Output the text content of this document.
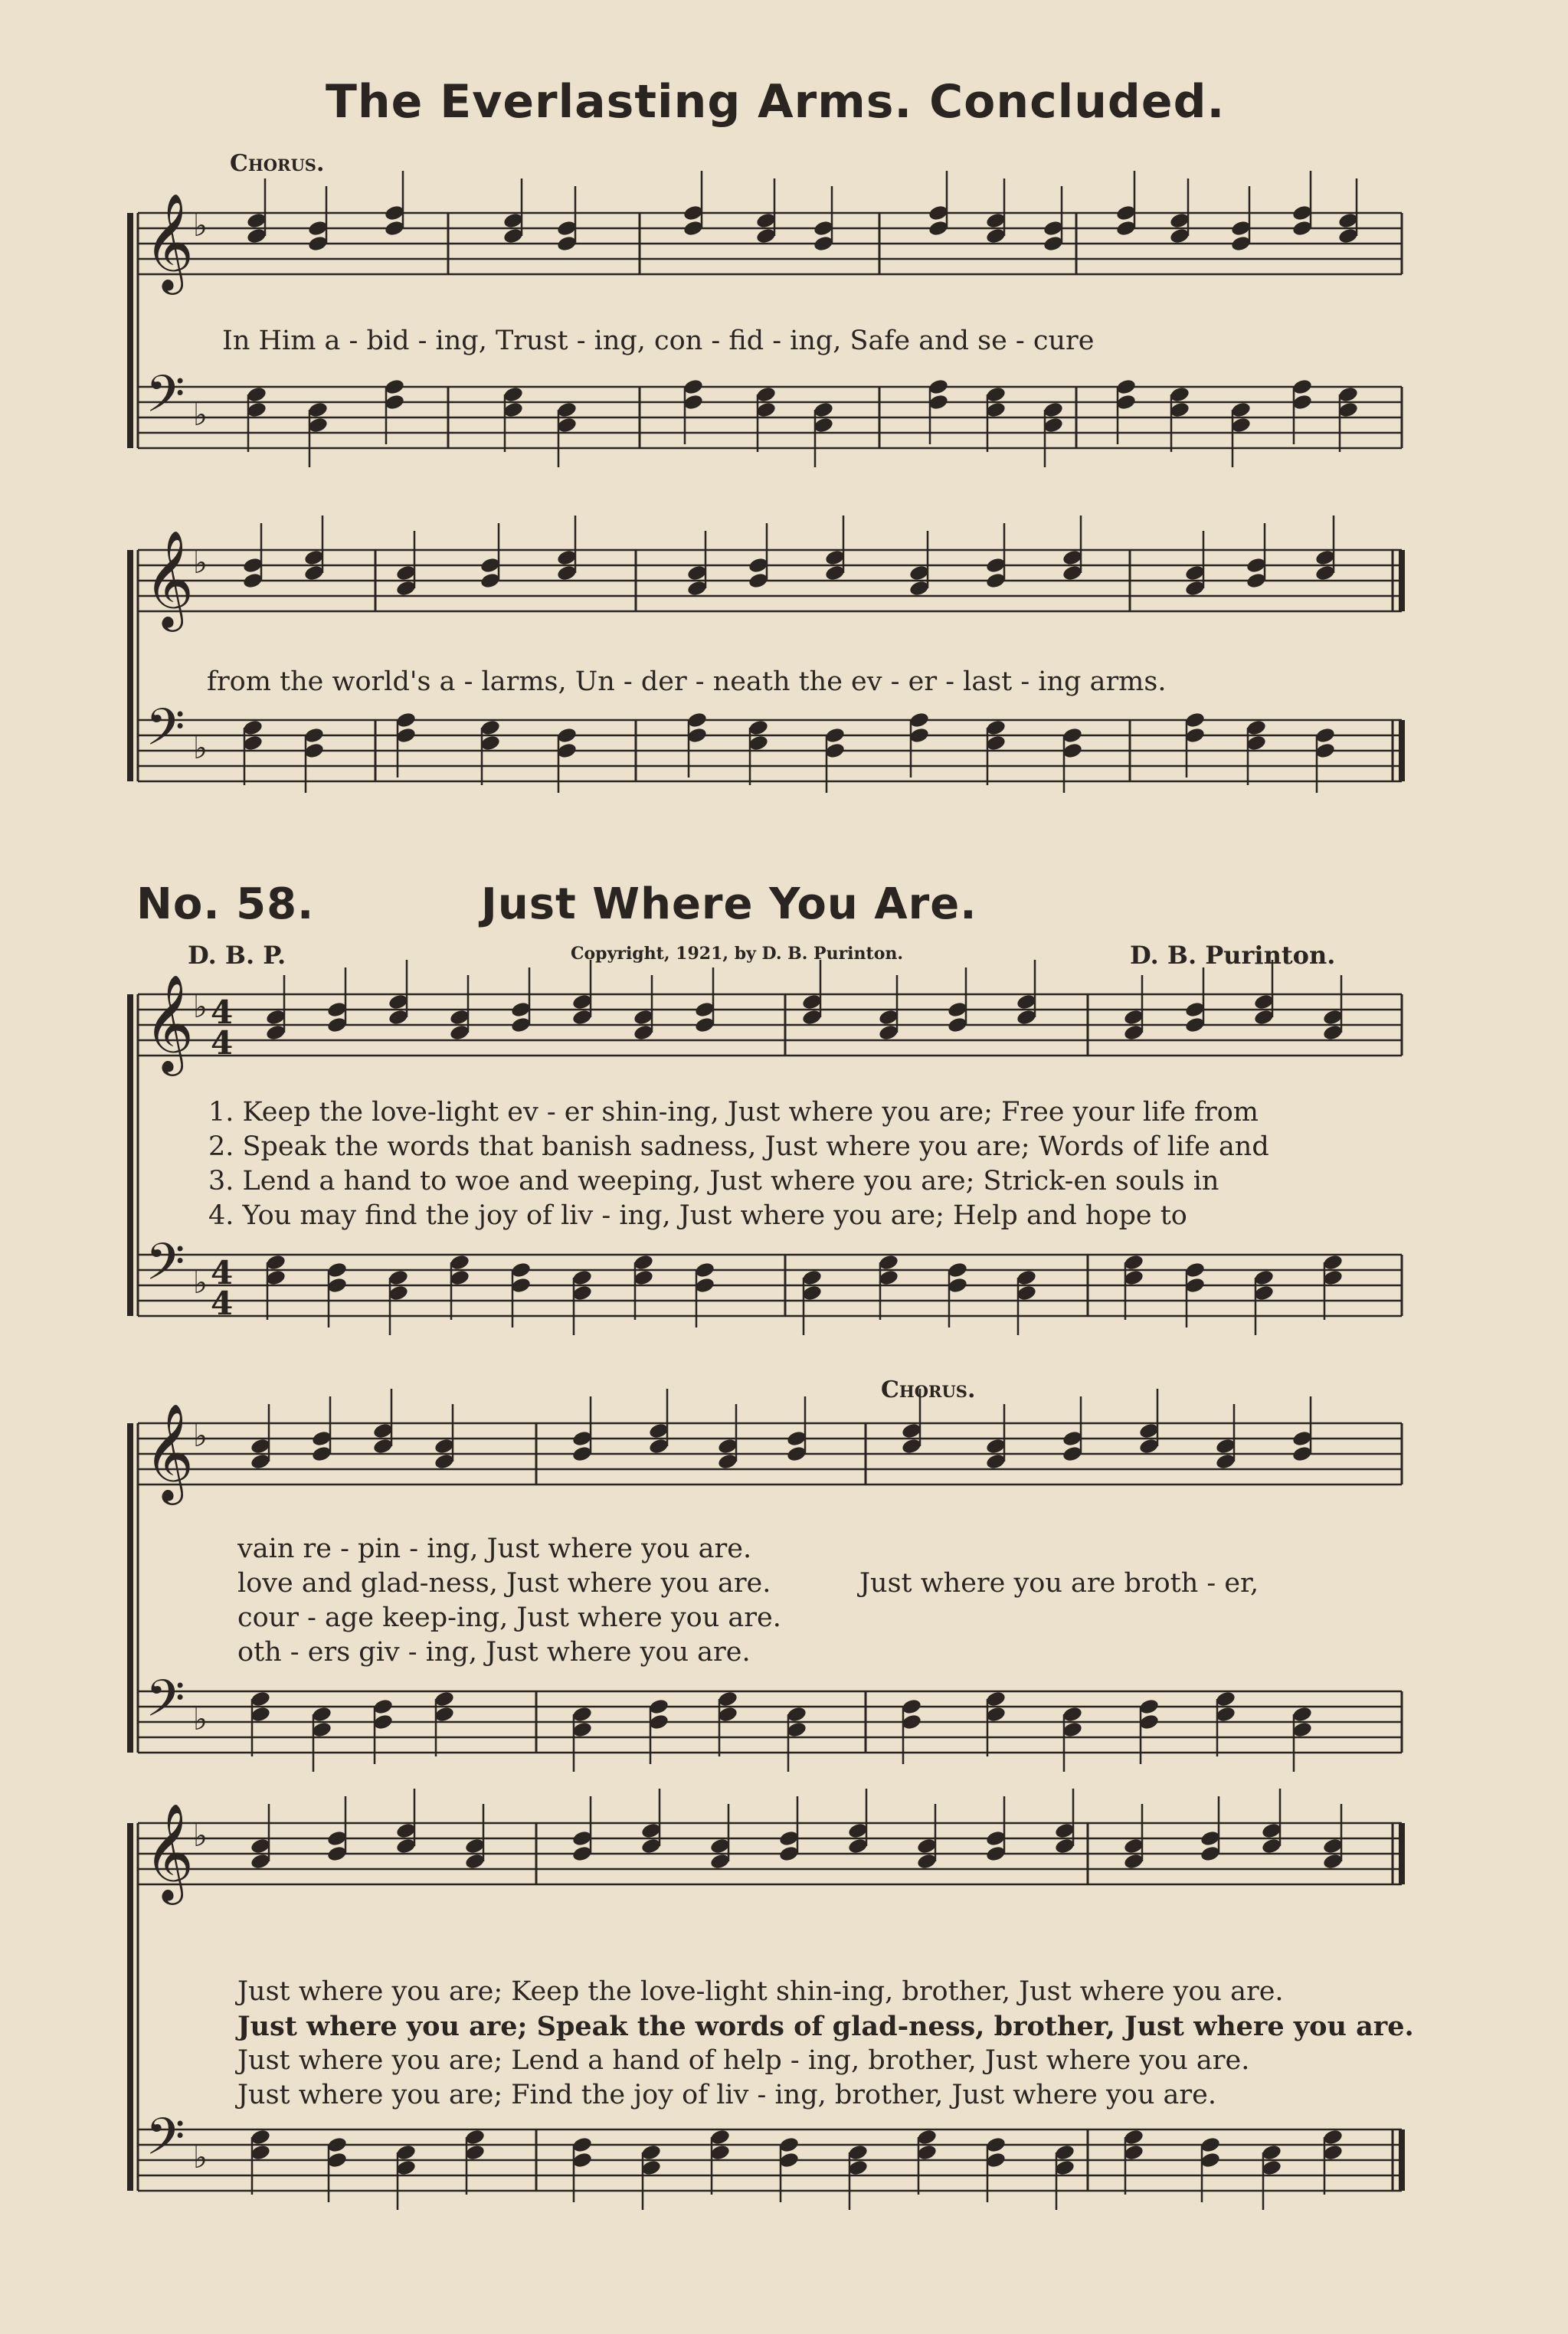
𝄞
𝄢
♭
♭
𝄞
𝄢
♭
♭
𝄞
𝄢
♭
♭
𝄞
𝄢
♭
♭
𝄞
𝄢
♭
♭
4
4
4
4
The Everlasting Arms. Concluded.
Chorus.
In Him a - bid - ing, Trust - ing, con - fid - ing, Safe and se - cure
from the world's a - larms, Un - der - neath the ev - er - last - ing arms.
No. 58.	Just Where You Are.
D. B. P.	Copyright, 1921, by D. B. Purinton.	D. B. Purinton.
1. Keep the love-light ev - er shin-ing, Just where you are; Free your life from
2. Speak the words that banish sadness, Just where you are; Words of life and
3. Lend a hand to woe and weeping, Just where you are; Strick-en souls in
4. You may find the joy of liv - ing, Just where you are; Help and hope to
Chorus.
vain re - pin - ing, Just where you are.
love and glad-ness, Just where you are.	Just where you are broth - er,
cour - age keep-ing, Just where you are.
oth - ers giv - ing, Just where you are.
Just where you are; Keep the love-light shin-ing, brother, Just where you are.
Just where you are; Speak the words of glad-ness, brother, Just where you are.
Just where you are; Lend a hand of help - ing, brother, Just where you are.
Just where you are; Find the joy of liv - ing, brother, Just where you are.
